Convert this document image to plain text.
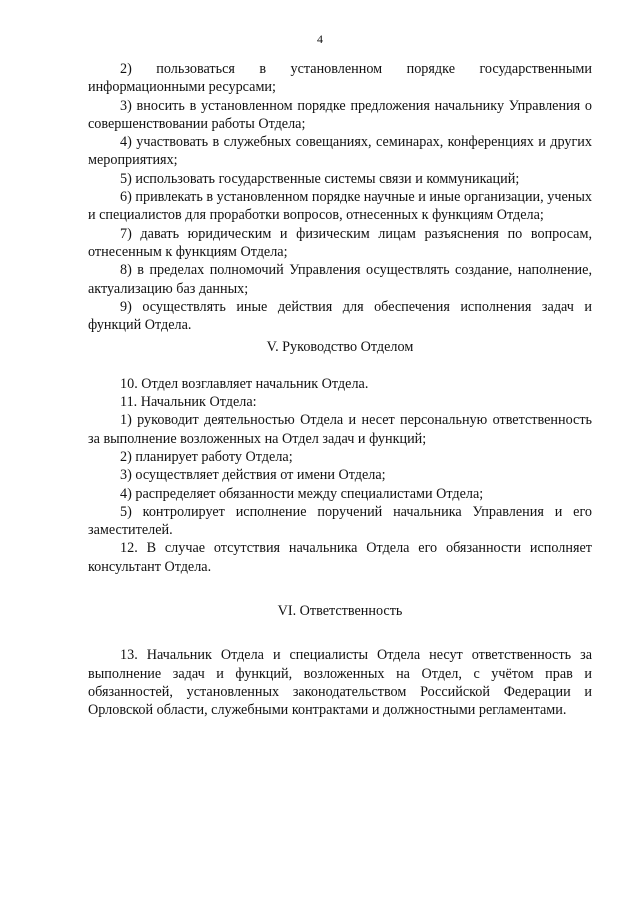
4

2) пользоваться в установленном порядке государственными информационными ресурсами;

3) вносить в установленном порядке предложения начальнику Управления о совершенствовании работы Отдела;

4) участвовать в служебных совещаниях, семинарах, конференциях и других мероприятиях;

5) использовать государственные системы связи и коммуникаций;

6) привлекать в установленном порядке научные и иные организации, ученых и специалистов для проработки вопросов, отнесенных к функциям Отдела;

7) давать юридическим и физическим лицам разъяснения по вопросам, отнесенным к функциям Отдела;

8) в пределах полномочий Управления осуществлять создание, наполнение, актуализацию баз данных;

9) осуществлять иные действия для обеспечения исполнения задач и функций Отдела.

V. Руководство Отделом

10. Отдел возглавляет начальник Отдела.

11. Начальник Отдела:

1) руководит деятельностью Отдела и несет персональную ответственность за выполнение возложенных на Отдел задач и функций;

2) планирует работу Отдела;

3) осуществляет действия от имени Отдела;

4) распределяет обязанности между специалистами Отдела;

5) контролирует исполнение поручений начальника Управления и его заместителей.

12. В случае отсутствия начальника Отдела его обязанности исполняет консультант Отдела.

VI. Ответственность

13. Начальник Отдела и специалисты Отдела несут ответственность за выполнение задач и функций, возложенных на Отдел, с учётом прав и обязанностей, установленных законодательством Российской Федерации и Орловской области, служебными контрактами и должностными регламентами.
